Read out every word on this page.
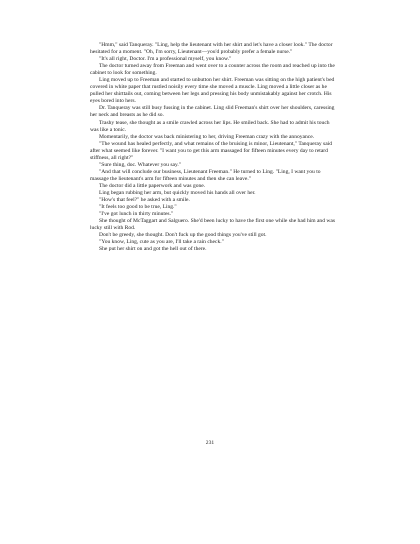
"Hmm," said Tanqueray. "Ling, help the lieutenant with her shirt and let's have a closer look." The doctor hesitated for a moment. "Oh, I'm sorry, Lieutenant—you'd probably prefer a female nurse."

"It's all right, Doctor. I'm a professional myself, you know."

The doctor turned away from Freeman and went over to a counter across the room and reached up into the cabinet to look for something.

Ling moved up to Freeman and started to unbutton her shirt. Freeman was sitting on the high patient's bed covered in white paper that rustled noisily every time she moved a muscle. Ling moved a little closer as he pulled her shirttails out, coming between her legs and pressing his body unmistakably against her crotch. His eyes bored into hers.

Dr. Tanqueray was still busy fussing in the cabinet. Ling slid Freeman's shirt over her shoulders, caressing her neck and breasts as he did so.

Trashy tease, she thought as a smile crawled across her lips. He smiled back. She had to admit his touch was like a tonic.

Momentarily, the doctor was back ministering to her, driving Freeman crazy with the annoyance.

"The wound has healed perfectly, and what remains of the bruising is minor, Lieutenant," Tanqueray said after what seemed like forever. "I want you to get this arm massaged for fifteen minutes every day to retard stiffness, all right?"

"Sure thing, doc. Whatever you say."

"And that will conclude our business, Lieutenant Freeman." He turned to Ling. "Ling, I want you to massage the lieutenant's arm for fifteen minutes and then she can leave."

The doctor did a little paperwork and was gone.

Ling began rubbing her arm, but quickly moved his hands all over her.

"How's that feel?" he asked with a smile.

"It feels too good to be true, Ling."

"I've got lunch in thirty minutes."

She thought of McTaggart and Salguero. She'd been lucky to have the first one while she had him and was lucky still with Rod.

Don't be greedy, she thought. Don't fuck up the good things you've still got.

"You know, Ling, cute as you are, I'll take a rain check."

She put her shirt on and got the hell out of there.

231
